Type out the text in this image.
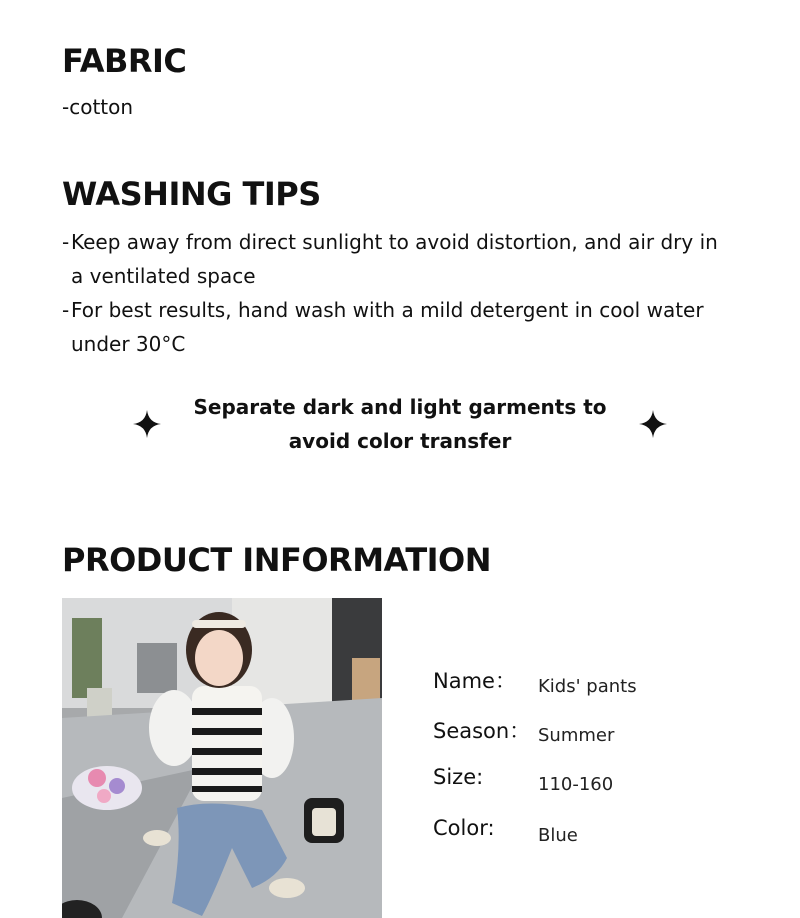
FABRIC

-cotton

WASHING TIPS
- Keep away from direct sunlight to avoid distortion, and air dry in a ventilated space
- For best results, hand wash with a mild detergent in cool water under 30°C

Separate dark and light garments to avoid color transfer

PRODUCT INFORMATION
Name： Kids' pants
Season： Summer
Size:	110-160
Color: Blue
